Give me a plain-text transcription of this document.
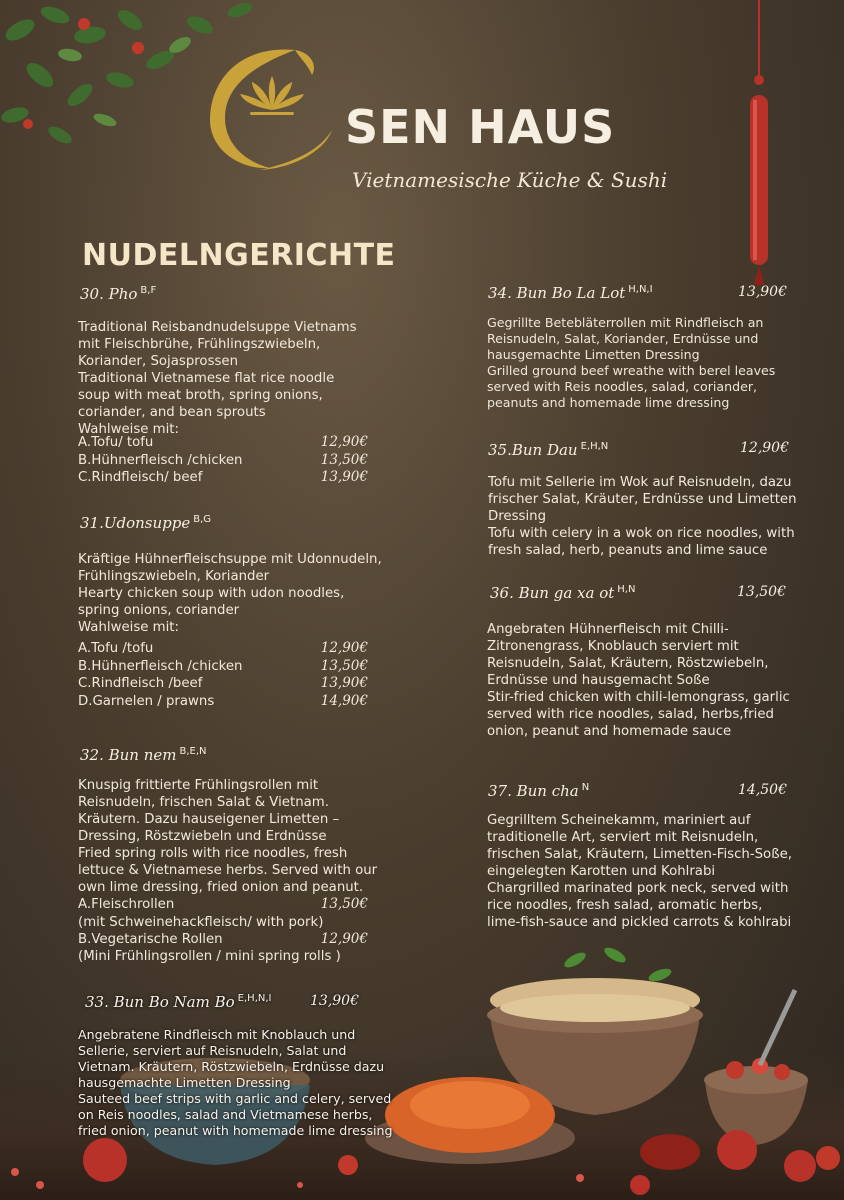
SEN HAUS
Vietnamesische Küche & Sushi
NUDELNGERICHTE
30. Pho $^{B,F}$
Traditional Reisbandnudelsuppe Vietnams
mit Fleischbrühe, Frühlingszwiebeln,
Koriander, Sojasprossen
Traditional Vietnamese flat rice noodle
soup with meat broth, spring onions,
coriander, and bean sprouts
Wahlweise mit:
A.Tofu/ tofu	12,90€
B.Hühnerfleisch /chicken	13,50€
C.Rindfleisch/ beef	13,90€
31.Udonsuppe $^{B,G}$
Kräftige Hühnerfleischsuppe mit Udonnudeln,
Frühlingszwiebeln, Koriander
Hearty chicken soup with udon noodles,
spring onions, coriander
Wahlweise mit:
A.Tofu /tofu	12,90€
B.Hühnerfleisch /chicken	13,50€
C.Rindfleisch /beef	13,90€
D.Garnelen / prawns	14,90€
32. Bun nem $^{B,E,N}$
Knuspig frittierte Frühlingsrollen mit
Reisnudeln, frischen Salat & Vietnam.
Kräutern. Dazu hauseigener Limetten –
Dressing, Röstzwiebeln und Erdnüsse
Fried spring rolls with rice noodles, fresh
lettuce & Vietnamese herbs. Served with our
own lime dressing, fried onion and peanut.
A.Fleischrollen	13,50€
(mit Schweinehackfleisch/ with pork)
B.Vegetarische Rollen	12,90€
(Mini Frühlingsrollen / mini spring rolls )
34. Bun Bo La Lot $^{H,N,I}$	13,90€
Gegrillte Betebläterrollen mit Rindfleisch an
Reisnudeln, Salat, Koriander, Erdnüsse und
hausgemachte Limetten Dressing
Grilled ground beef wreathe with berel leaves
served with Reis noodles, salad, coriander,
peanuts and homemade lime dressing
35.Bun Dau $^{E,H,N}$	12,90€
Tofu mit Sellerie im Wok auf Reisnudeln, dazu
frischer Salat, Kräuter, Erdnüsse und Limetten
Dressing
Tofu with celery in a wok on rice noodles, with
fresh salad, herb, peanuts and lime sauce
36. Bun ga xa ot $^{H,N}$	13,50€
Angebraten Hühnerfleisch mit Chilli-
Zitronengrass, Knoblauch serviert mit
Reisnudeln, Salat, Kräutern, Röstzwiebeln,
Erdnüsse und hausgemacht Soße
Stir-fried chicken with chili-lemongrass, garlic
served with rice noodles, salad, herbs,fried
onion, peanut and homemade sauce
37. Bun cha $^N$	14,50€
Gegrilltem Scheinekamm, mariniert auf
traditionelle Art, serviert mit Reisnudeln,
frischen Salat, Kräutern, Limetten-Fisch-Soße,
eingelegten Karotten und Kohlrabi
Chargrilled marinated pork neck, served with
rice noodles, fresh salad, aromatic herbs,
lime-fish-sauce and pickled carrots & kohlrabi
33. Bun Bo Nam Bo $^{E,H,N,I}$	13,90€
Angebratene Rindfleisch mit Knoblauch und
Sellerie, serviert auf Reisnudeln, Salat und
Vietnam. Kräutern, Röstzwiebeln, Erdnüsse dazu
hausgemachte Limetten Dressing
Sauteed beef strips with garlic and celery, served
on Reis noodles, salad and Vietmamese herbs,
fried onion, peanut with homemade lime dressing
